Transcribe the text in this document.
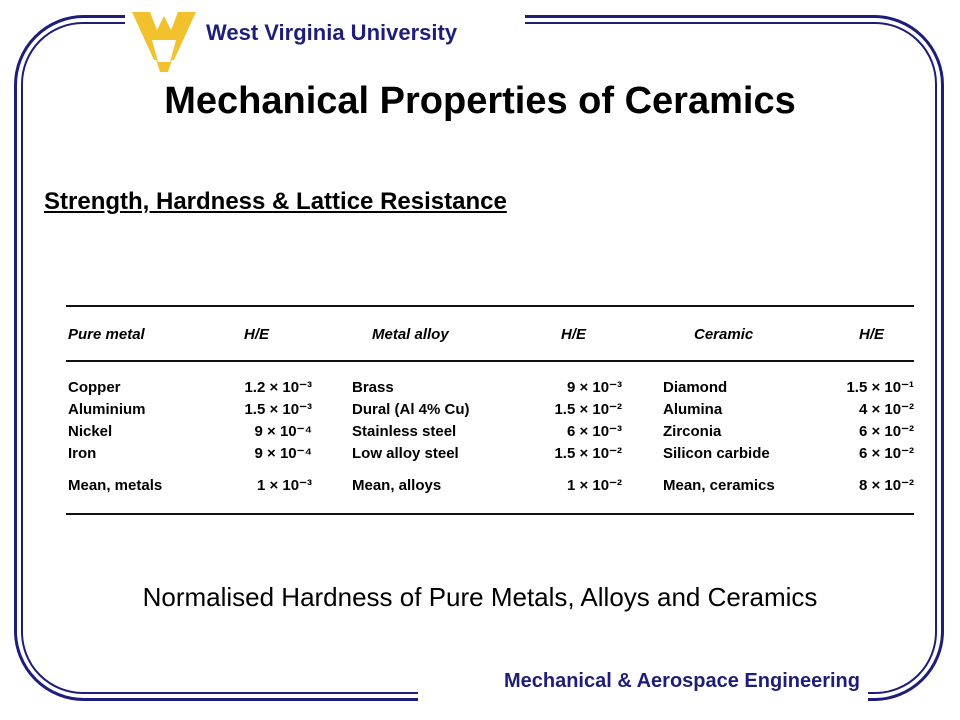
West Virginia University
Mechanical Properties of Ceramics
Strength, Hardness & Lattice Resistance
Pure metal	H/E	Metal alloy	H/E	Ceramic	H/E
Copper	1.2 × 10⁻³	Brass	9 × 10⁻³	Diamond	1.5 × 10⁻¹
Aluminium	1.5 × 10⁻³	Dural (Al 4% Cu)	1.5 × 10⁻²	Alumina	4 × 10⁻²
Nickel	9 × 10⁻⁴	Stainless steel	6 × 10⁻³	Zirconia	6 × 10⁻²
Iron	9 × 10⁻⁴	Low alloy steel	1.5 × 10⁻²	Silicon carbide	6 × 10⁻²
Mean, metals	1 × 10⁻³	Mean, alloys	1 × 10⁻²	Mean, ceramics	8 × 10⁻²
Normalised Hardness of Pure Metals, Alloys and Ceramics
Mechanical & Aerospace Engineering
